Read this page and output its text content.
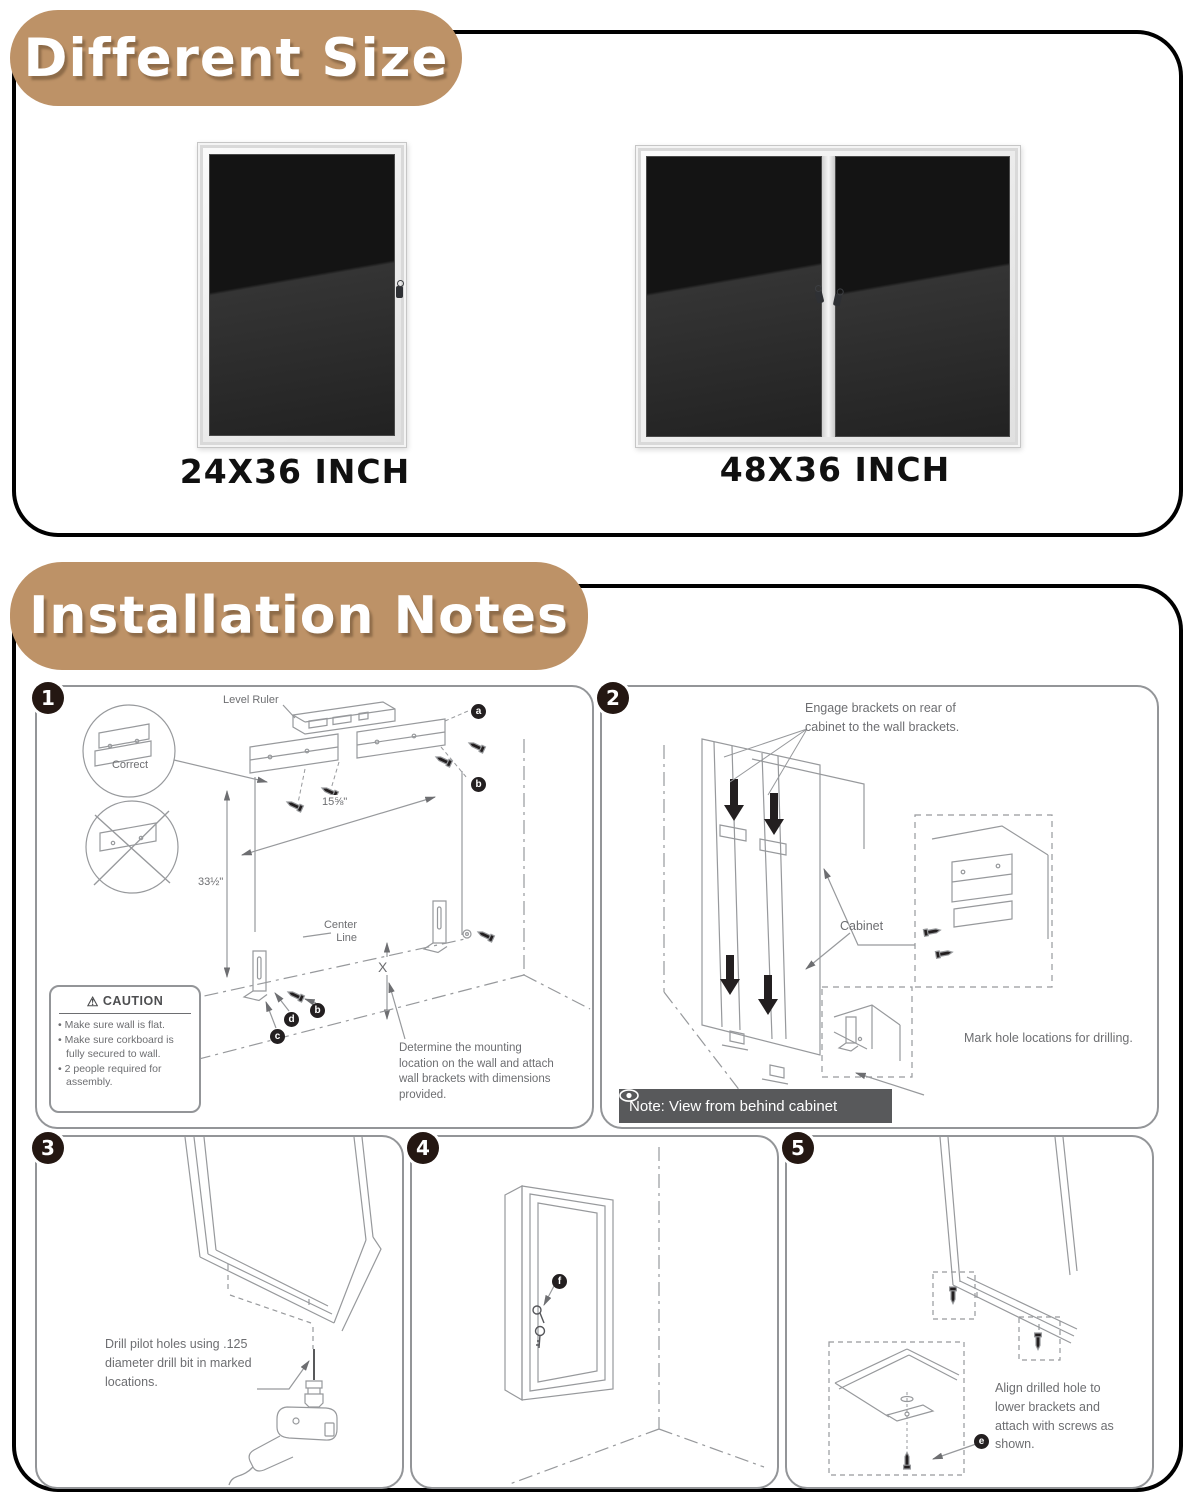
Different Size
24X36 INCH	48X36 INCH
Installation Notes
1	Level Ruler
Correct
15⅝"
33½"
Center
Line
X
a
b
b
d
c
⚠ CAUTION
• Make sure wall is flat.
• Make sure corkboard is fully secured to wall.
• 2 people required for assembly.
Determine the mounting location on the wall and attach wall brackets with dimensions provided.
2	Engage brackets on rear of cabinet to the wall brackets.
Cabinet
Mark hole locations for drilling.
Note: View from behind cabinet
3
Drill pilot holes using .125 diameter drill bit in marked locations.
4
f
5
Align drilled hole to lower brackets and attach with screws as shown.
e
